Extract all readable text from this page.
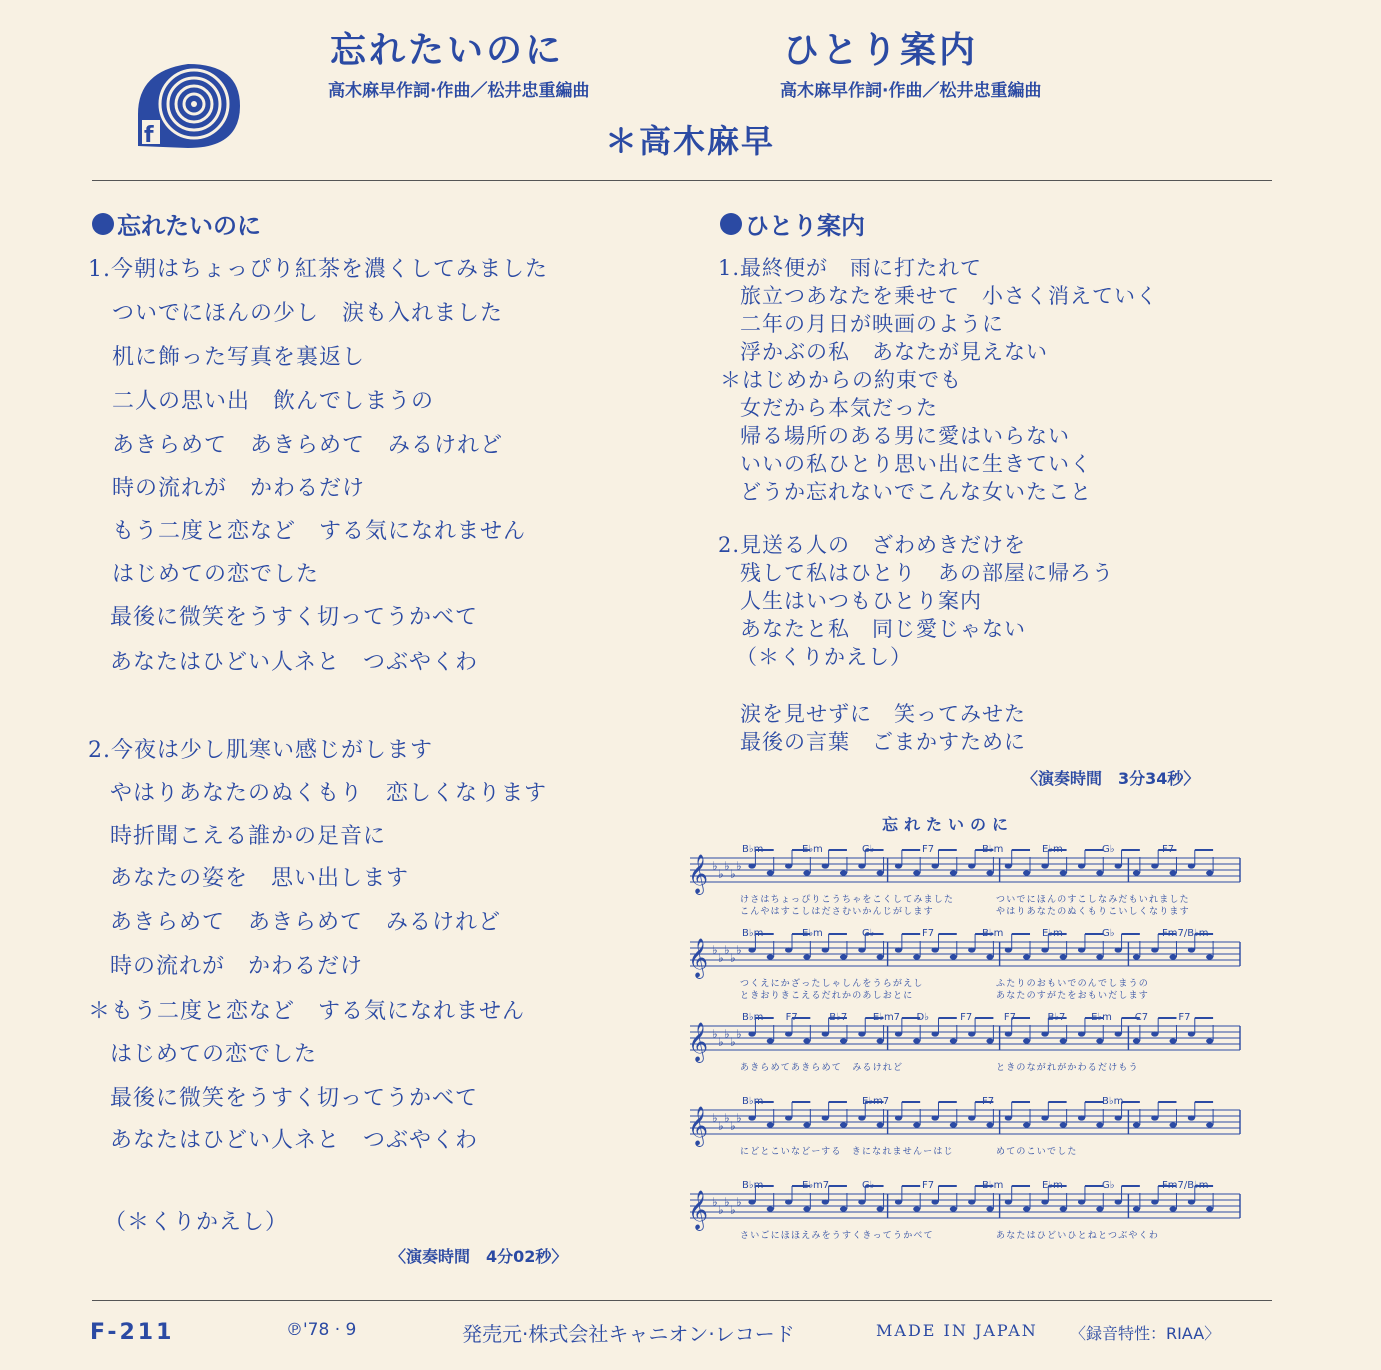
f
忘れたいのに
高木麻早作詞·作曲／松井忠重編曲
ひとり案内
高木麻早作詞·作曲／松井忠重編曲
＊高木麻早
忘れたいのに
1.今朝はちょっぴり紅茶を濃くしてみました
ついでにほんの少し　涙も入れました
机に飾った写真を裏返し
二人の思い出　飲んでしまうの
あきらめて　あきらめて　みるけれど
時の流れが　かわるだけ
もう二度と恋など　する気になれません
はじめての恋でした
最後に微笑をうすく切ってうかべて
あなたはひどい人ネと　つぶやくわ
2.今夜は少し肌寒い感じがします
やはりあなたのぬくもり　恋しくなります
時折聞こえる誰かの足音に
あなたの姿を　思い出します
あきらめて　あきらめて　みるけれど
時の流れが　かわるだけ
＊もう二度と恋など　する気になれません
はじめての恋でした
最後に微笑をうすく切ってうかべて
あなたはひどい人ネと　つぶやくわ
（＊くりかえし）
〈演奏時間　4分02秒〉
ひとり案内
1.最終便が　雨に打たれて
旅立つあなたを乗せて　小さく消えていく
二年の月日が映画のように
浮かぶの私　あなたが見えない
＊はじめからの約束でも
女だから本気だった
帰る場所のある男に愛はいらない
いいの私ひとり思い出に生きていく
どうか忘れないでこんな女いたこと
2.見送る人の　ざわめきだけを
残して私はひとり　あの部屋に帰ろう
人生はいつもひとり案内
あなたと私　同じ愛じゃない
（＊くりかえし）
涙を見せずに　笑ってみせた
最後の言葉　ごまかすために
〈演奏時間　3分34秒〉
忘れたいのに
𝄞 ♭
♭
♭
♭
♭
B♭m	E♭m	G♭	F7	B♭m	E♭m	G♭	F7
けさはちょっぴりこうちゃをこくしてみました	ついでにほんのすこしなみだもいれました
こんやはすこしはださむいかんじがします	やはりあなたのぬくもりこいしくなります
𝄞 ♭
♭
♭
♭
♭
B♭m	E♭m	G♭	F7	B♭m	E♭m	G♭	Fm7/B♭m
つくえにかざったしゃしんをうらがえし	ふたりのおもいでのんでしまうの
ときおりきこえるだれかのあしおとに	あなたのすがたをおもいだします
𝄞 ♭
♭
♭
♭
♭
B♭m F7	B♭7	E♭m7 D♭	F7	F7	B♭7	E♭m C7	F7
あきらめてあきらめて　みるけれど	ときのながれがかわるだけもう
𝄞 ♭
♭
♭
♭
♭
B♭m	E♭m7	F7	B♭m
にどとこいなどーする　きになれませんーはじ	めてのこいでした
𝄞 ♭
♭
♭
♭
♭
B♭m	E♭m7	G♭	F7	B♭m	E♭m	G♭	Fm7/B♭m
さいごにほほえみをうすくきってうかべて	あなたはひどいひとねとつぶやくわ
F-211	℗'78 · 9	発売元·株式会社キャニオン·レコード	MADE IN JAPAN 〈録音特性：RIAA〉
